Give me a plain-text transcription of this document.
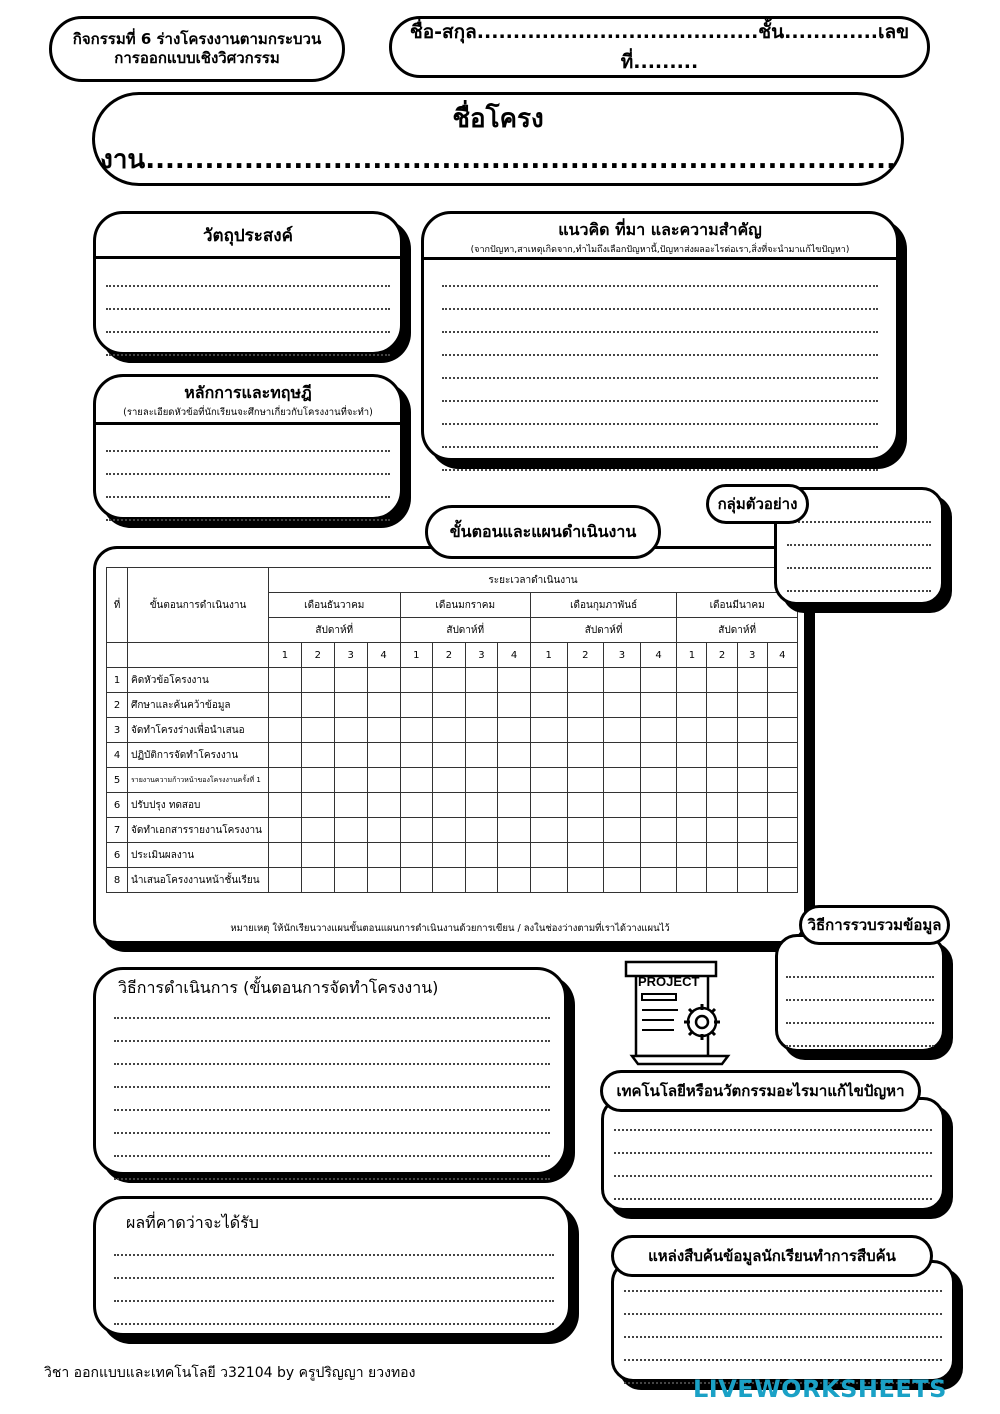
กิจกรรมที่ 6 ร่างโครงงานตามกระบวน การออกแบบเชิงวิศวกรรม
ชื่อ-สกุล.......................................ชั้น.............เลขที่.........
ชื่อโครงงาน............................................................................
วัตถุประสงค์	แนวคิด ที่มา และความสำคัญ
(จากปัญหา,สาเหตุเกิดจาก,ทำไมถึงเลือกปัญหานี้,ปัญหาส่งผลอะไรต่อเรา,สิ่งที่จะนำมาแก้ไขปัญหา)
หลักการและทฤษฎี
(รายละเอียดหัวข้อที่นักเรียนจะศึกษาเกี่ยวกับโครงงานที่จะทำ)
ที่	ขั้นตอนการดำเนินงาน	ระยะเวลาดำเนินงาน															
		เดือนธันวาคม				เดือนมกราคม				เดือนกุมภาพันธ์				เดือนมีนาคม			
		สัปดาห์ที่				สัปดาห์ที่				สัปดาห์ที่				สัปดาห์ที่			
		1	2	3	4	1	2	3	4	1	2	3	4	1	2	3	4
1	คิดหัวข้อโครงงาน																
2	ศึกษาและค้นคว้าข้อมูล																
3	จัดทำโครงร่างเพื่อนำเสนอ																
4	ปฏิบัติการจัดทำโครงงาน																
5	รายงานความก้าวหน้าของโครงงานครั้งที่ 1																
6	ปรับปรุง ทดสอบ																
7	จัดทำเอกสารรายงานโครงงาน																
6	ประเมินผลงาน																
8	นำเสนอโครงงานหน้าชั้นเรียน																
หมายเหตุ ให้นักเรียนวางแผนขั้นตอนแผนการดำเนินงานด้วยการเขียน / ลงในช่องว่างตามที่เราได้วางแผนไว้
ขั้นตอนและแผนดำเนินงาน
กลุ่มตัวอย่าง
วิธีการรวบรวมข้อมูล
วิธีการดำเนินการ (ขั้นตอนการจัดทำโครงงาน)	PROJECT
เทคโนโลยีหรือนวัตกรรมอะไรมาแก้ไขปัญหา
ผลที่คาดว่าจะได้รับ
แหล่งสืบค้นข้อมูลนักเรียนทำการสืบค้น
วิชา ออกแบบและเทคโนโลยี ว32104 by ครูปริญญา ยวงทอง
LIVEWORKSHEETS
